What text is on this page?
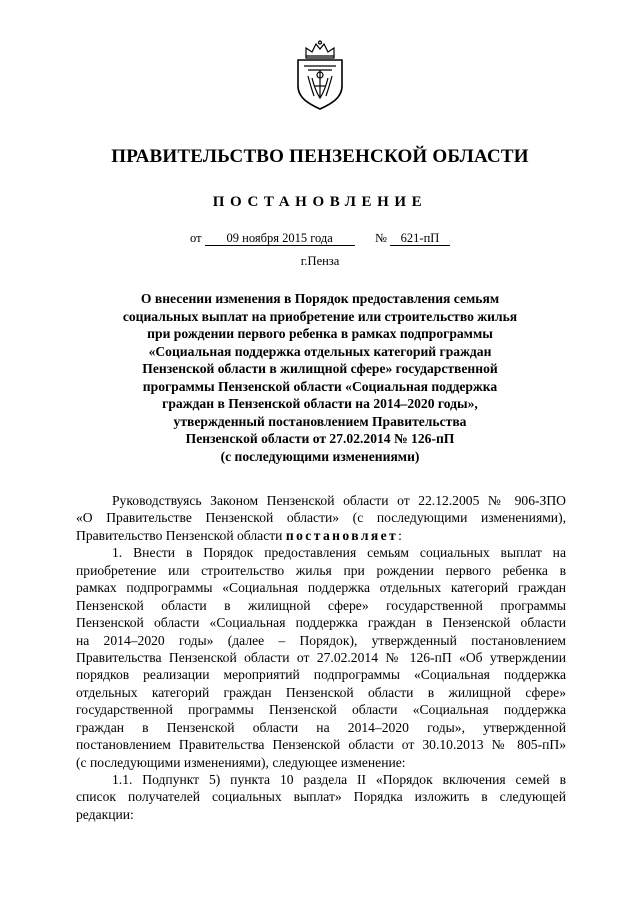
ПРАВИТЕЛЬСТВО ПЕНЗЕНСКОЙ ОБЛАСТИ
ПОСТАНОВЛЕНИЕ
от 09 ноября 2015 года	№ 621-пП
г.Пенза
О внесении изменения в Порядок предоставления семьям
социальных выплат на приобретение или строительство жилья
при рождении первого ребенка в рамках подпрограммы
«Социальная поддержка отдельных категорий граждан
Пензенской области в жилищной сфере» государственной
программы Пензенской области «Социальная поддержка
граждан в Пензенской области на 2014–2020 годы»,
утвержденный постановлением Правительства
Пензенской области от 27.02.2014 № 126-пП
(с последующими изменениями)
Руководствуясь Законом Пензенской области от 22.12.2005 № 906-ЗПО
«О Правительстве Пензенской области» (с последующими изменениями),
Правительство Пензенской области постановляет:
1. Внести в Порядок предоставления семьям социальных выплат на
приобретение или строительство жилья при рождении первого ребенка в
рамках подпрограммы «Социальная поддержка отдельных категорий граждан
Пензенской области в жилищной сфере» государственной программы
Пензенской области «Социальная поддержка граждан в Пензенской области
на 2014–2020 годы» (далее – Порядок), утвержденный постановлением
Правительства Пензенской области от 27.02.2014 № 126-пП «Об утверждении
порядков реализации мероприятий подпрограммы «Социальная поддержка
отдельных категорий граждан Пензенской области в жилищной сфере»
государственной программы Пензенской области «Социальная поддержка
граждан в Пензенской области на 2014–2020 годы», утвержденной
постановлением Правительства Пензенской области от 30.10.2013 № 805-пП»
(с последующими изменениями), следующее изменение:
1.1. Подпункт 5) пункта 10 раздела II «Порядок включения семей в
список получателей социальных выплат» Порядка изложить в следующей
редакции:
